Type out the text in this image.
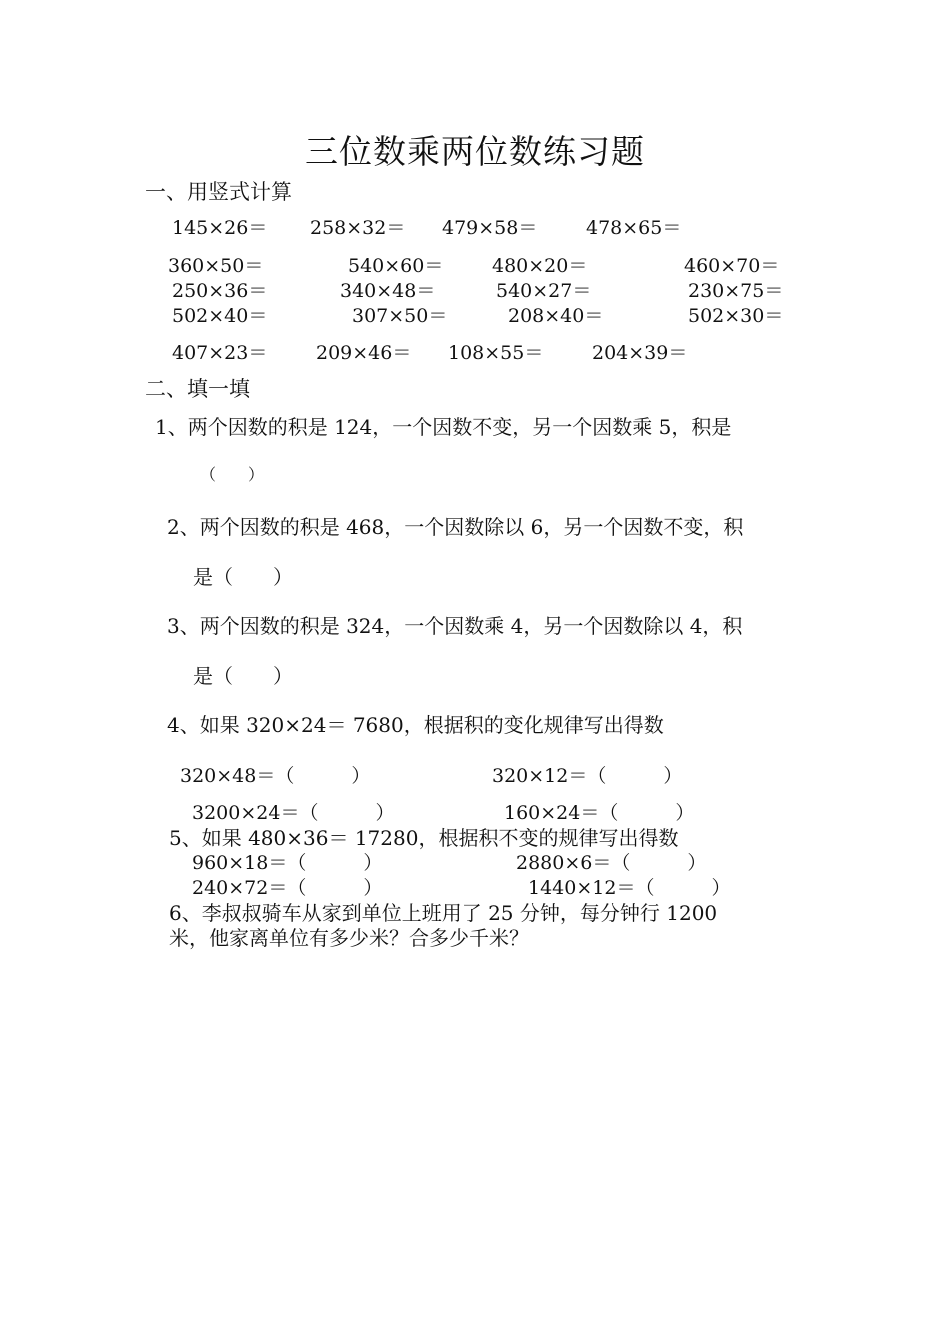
三位数乘两位数练习题
一、用竖式计算
145×26＝ 258×32＝ 479×58＝	478×65＝
360×50＝	540×60＝	480×20＝	460×70＝
250×36＝	340×48＝	540×27＝	230×75＝
502×40＝	307×50＝	208×40＝	502×30＝
407×23＝	209×46＝ 108×55＝	204×39＝
二、填一填
1、两个因数的积是 124，一个因数不变，另一个因数乘 5，积是
（　　）
2、两个因数的积是 468，一个因数除以 6，另一个因数不变，积
是（　　）
3、两个因数的积是 324，一个因数乘 4，另一个因数除以 4，积
是（　　）
4、如果 320×24＝ 7680，根据积的变化规律写出得数
320×48＝（　　　）	320×12＝（　　　）
3200×24＝（　　　）	160×24＝（　　　）
5、如果 480×36＝ 17280，根据积不变的规律写出得数
960×18＝（　　　）	2880×6＝（　　　）
240×72＝（　　　）	1440×12＝（　　　）
6、李叔叔骑车从家到单位上班用了 25 分钟，每分钟行 1200
米，他家离单位有多少米？合多少千米？
